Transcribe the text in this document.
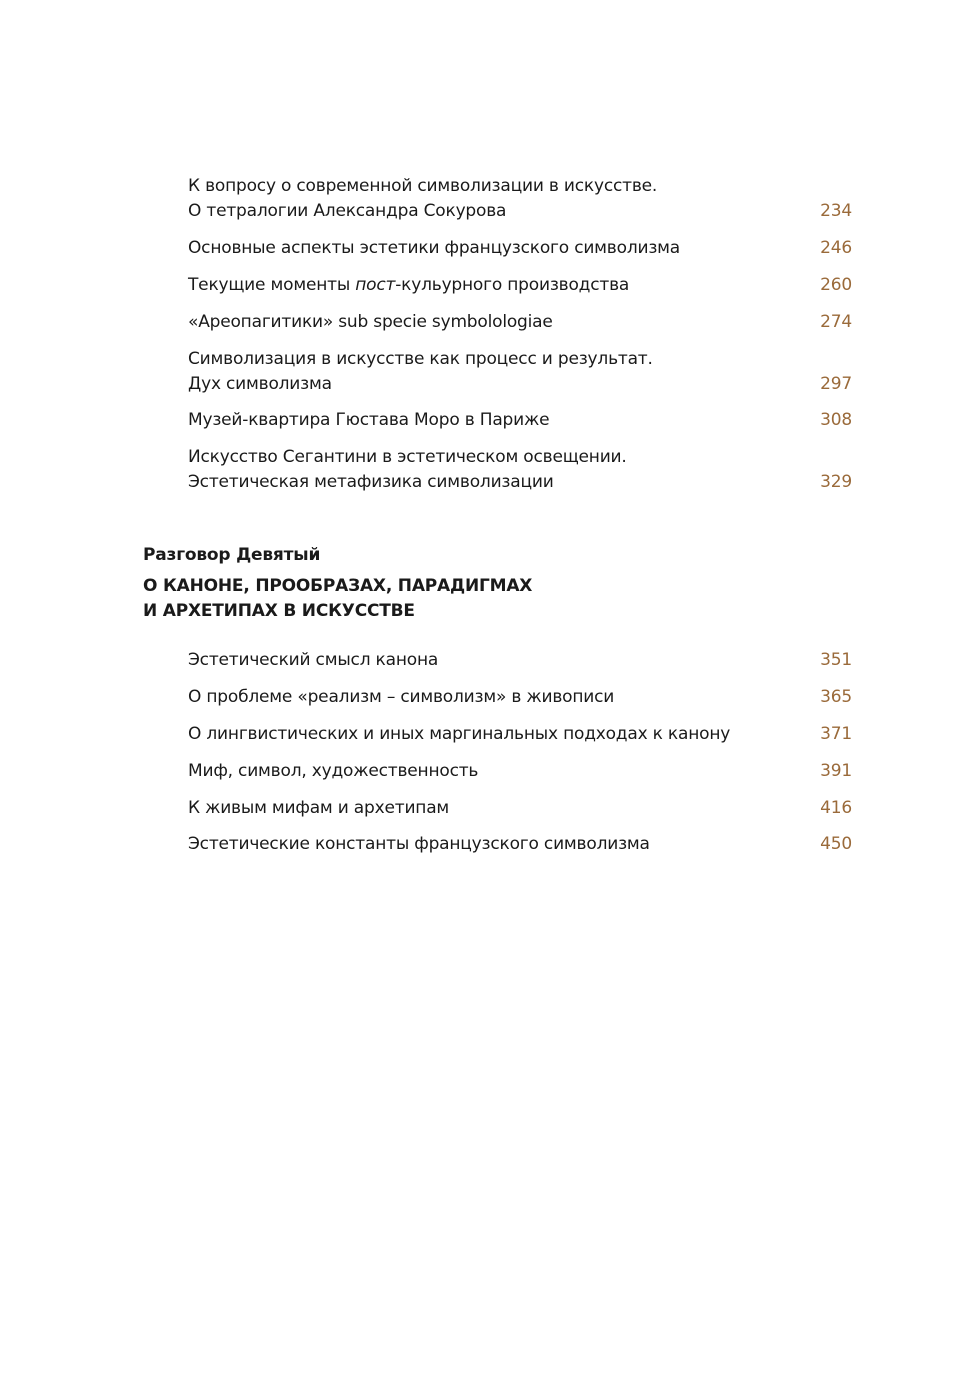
К вопросу о современной символизации в искусстве.
О тетралогии Александра Сокурова	234
Основные аспекты эстетики французского символизма	246
Текущие моменты пост-кульурного производства	260
«Ареопагитики» sub specie symbolologiae	274
Символизация в искусстве как процесс и результат.
Дух символизма	297
Музей-квартира Гюстава Моро в Париже	308
Искусство Сегантини в эстетическом освещении.
Эстетическая метафизика символизации	329
Разговор Девятый
О КАНОНЕ, ПРООБРАЗАХ, ПАРАДИГМАХ
И АРХЕТИПАХ В ИСКУССТВЕ
Эстетический смысл канона	351
О проблеме «реализм – символизм» в живописи	365
О лингвистических и иных маргинальных подходах к канону	371
Миф, символ, художественность	391
К живым мифам и архетипам	416
Эстетические константы французского символизма	450
